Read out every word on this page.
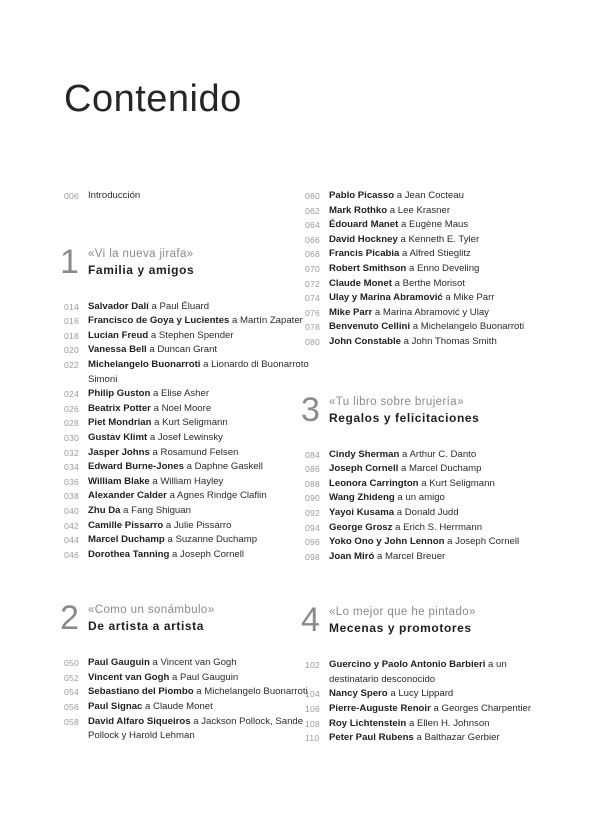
Contenido
006 Introducción
1 «Vi la nueva jirafa»
Familia y amigos
014 Salvador Dalí a Paul Éluard
016 Francisco de Goya y Lucientes a Martín Zapater
018 Lucian Freud a Stephen Spender
020 Vanessa Bell a Duncan Grant
022 Michelangelo Buonarroti a Lionardo di Buonarroto Simoni
024 Philip Guston a Elise Asher
026 Beatrix Potter a Noel Moore
028 Piet Mondrian a Kurt Seligmann
030 Gustav Klimt a Josef Lewinsky
032 Jasper Johns a Rosamund Felsen
034 Edward Burne-Jones a Daphne Gaskell
036 William Blake a William Hayley
038 Alexander Calder a Agnes Rindge Claflin
040 Zhu Da a Fang Shiguan
042 Camille Pissarro a Julie Pissarro
044 Marcel Duchamp a Suzanne Duchamp
046 Dorothea Tanning a Joseph Cornell
2 «Como un sonámbulo»
De artista a artista
050 Paul Gauguin a Vincent van Gogh
052 Vincent van Gogh a Paul Gauguin
054 Sebastiano del Piombo a Michelangelo Buonarroti
056 Paul Signac a Claude Monet
058 David Alfaro Siqueiros a Jackson Pollock, Sande Pollock y Harold Lehman
060 Pablo Picasso a Jean Cocteau
062 Mark Rothko a Lee Krasner
064 Édouard Manet a Eugène Maus
066 David Hockney a Kenneth E. Tyler
068 Francis Picabia a Alfred Stieglitz
070 Robert Smithson a Enno Develing
072 Claude Monet a Berthe Morisot
074 Ulay y Marina Abramović a Mike Parr
076 Mike Parr a Marina Abramović y Ulay
078 Benvenuto Cellini a Michelangelo Buonarroti
080 John Constable a John Thomas Smith
3 «Tu libro sobre brujería»
Regalos y felicitaciones
084 Cindy Sherman a Arthur C. Danto
086 Joseph Cornell a Marcel Duchamp
088 Leonora Carrington a Kurt Seligmann
090 Wang Zhideng a un amigo
092 Yayoi Kusama a Donald Judd
094 George Grosz a Erich S. Herrmann
096 Yoko Ono y John Lennon a Joseph Cornell
098 Joan Miró a Marcel Breuer
4 «Lo mejor que he pintado»
Mecenas y promotores
102 Guercino y Paolo Antonio Barbieri a un destinatario desconocido
104 Nancy Spero a Lucy Lippard
106 Pierre-Auguste Renoir a Georges Charpentier
108 Roy Lichtenstein a Ellen H. Johnson
110	Peter Paul Rubens a Balthazar Gerbier
